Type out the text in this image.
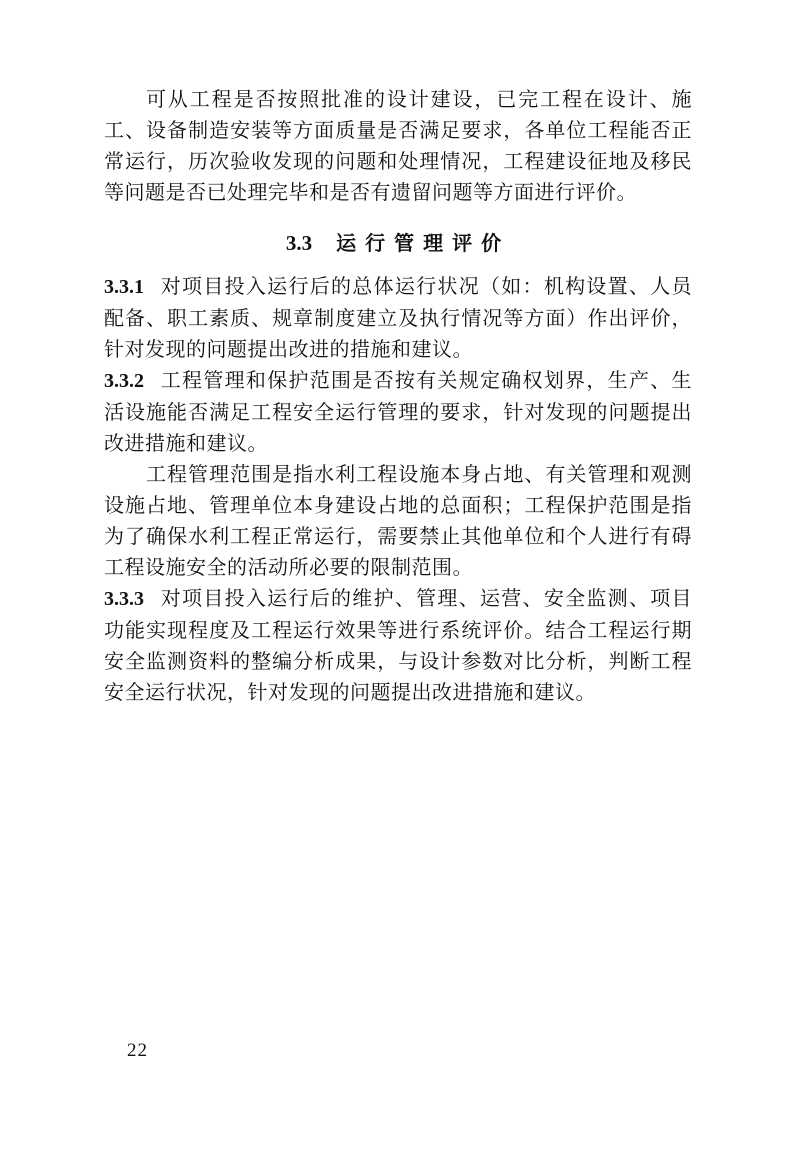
可从工程是否按照批准的设计建设，已完工程在设计、施工、设备制造安装等方面质量是否满足要求，各单位工程能否正常运行，历次验收发现的问题和处理情况，工程建设征地及移民等问题是否已处理完毕和是否有遗留问题等方面进行评价。

3.3 运行管理评价

3.3.1 对项目投入运行后的总体运行状况（如：机构设置、人员配备、职工素质、规章制度建立及执行情况等方面）作出评价，针对发现的问题提出改进的措施和建议。

3.3.2 工程管理和保护范围是否按有关规定确权划界，生产、生活设施能否满足工程安全运行管理的要求，针对发现的问题提出改进措施和建议。

工程管理范围是指水利工程设施本身占地、有关管理和观测设施占地、管理单位本身建设占地的总面积；工程保护范围是指为了确保水利工程正常运行，需要禁止其他单位和个人进行有碍工程设施安全的活动所必要的限制范围。

3.3.3 对项目投入运行后的维护、管理、运营、安全监测、项目功能实现程度及工程运行效果等进行系统评价。结合工程运行期安全监测资料的整编分析成果，与设计参数对比分析，判断工程安全运行状况，针对发现的问题提出改进措施和建议。

22
